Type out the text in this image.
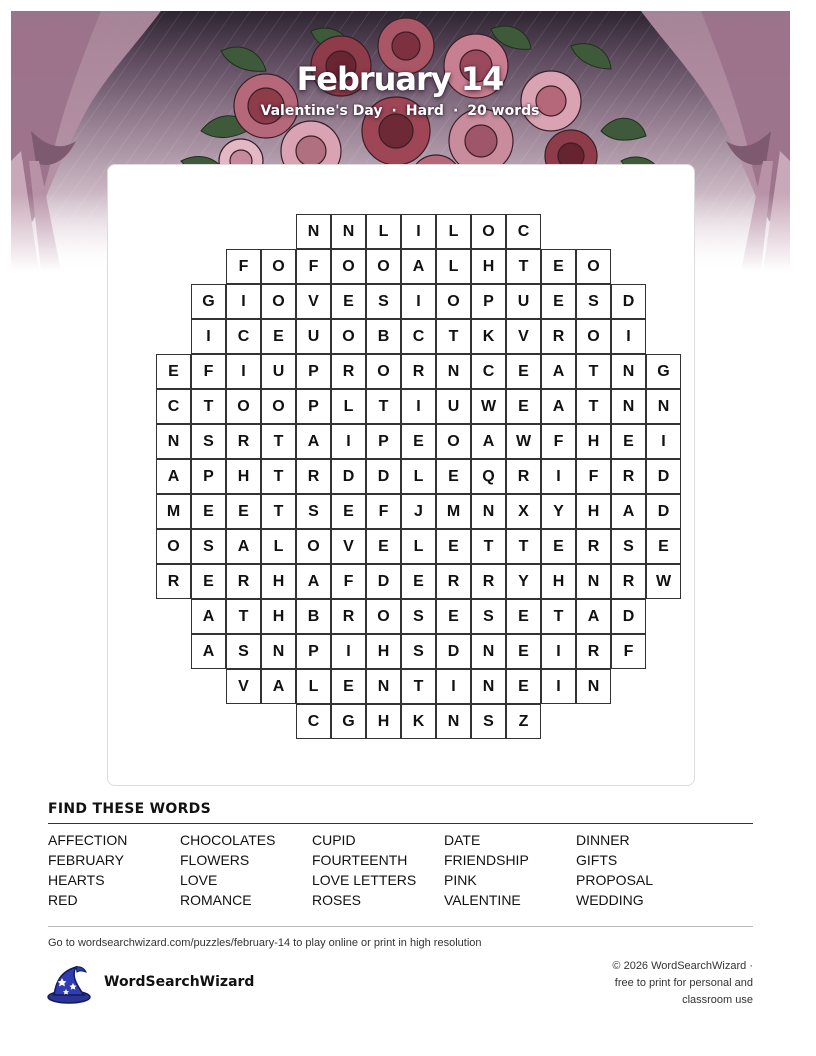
February 14
Valentine's Day · Hard · 20 words
N	N	L	I	L	O	C
F	O	F	O	O	A	L	H	T	E	O
G	I	O	V	E	S	I	O	P	U	E	S	D
I	C	E	U	O	B	C	T	K	V	R	O	I
E	F	I	U	P	R	O	R	N	C	E	A	T	N	G
C	T	O	O	P	L	T	I	U	W	E	A	T	N	N
N	S	R	T	A	I	P	E	O	A	W	F	H	E	I
A	P	H	T	R	D	D	L	E	Q	R	I	F	R	D
M	E	E	T	S	E	F	J	M	N	X	Y	H	A	D
O	S	A	L	O	V	E	L	E	T	T	E	R	S	E
R	E	R	H	A	F	D	E	R	R	Y	H	N	R	W
A	T	H	B	R	O	S	E	S	E	T	A	D
A	S	N	P	I	H	S	D	N	E	I	R	F
V	A	L	E	N	T	I	N	E	I	N
C	G	H	K	N	S	Z
FIND THESE WORDS
AFFECTION	CHOCOLATES	CUPID	DATE	DINNER
FEBRUARY	FLOWERS	FOURTEENTH	FRIENDSHIP	GIFTS
HEARTS	LOVE	LOVE LETTERS	PINK	PROPOSAL
RED	ROMANCE	ROSES	VALENTINE	WEDDING
Go to wordsearchwizard.com/puzzles/february-14 to play online or print in high resolution
WordSearchWizard
© 2026 WordSearchWizard ·
free to print for personal and
classroom use
